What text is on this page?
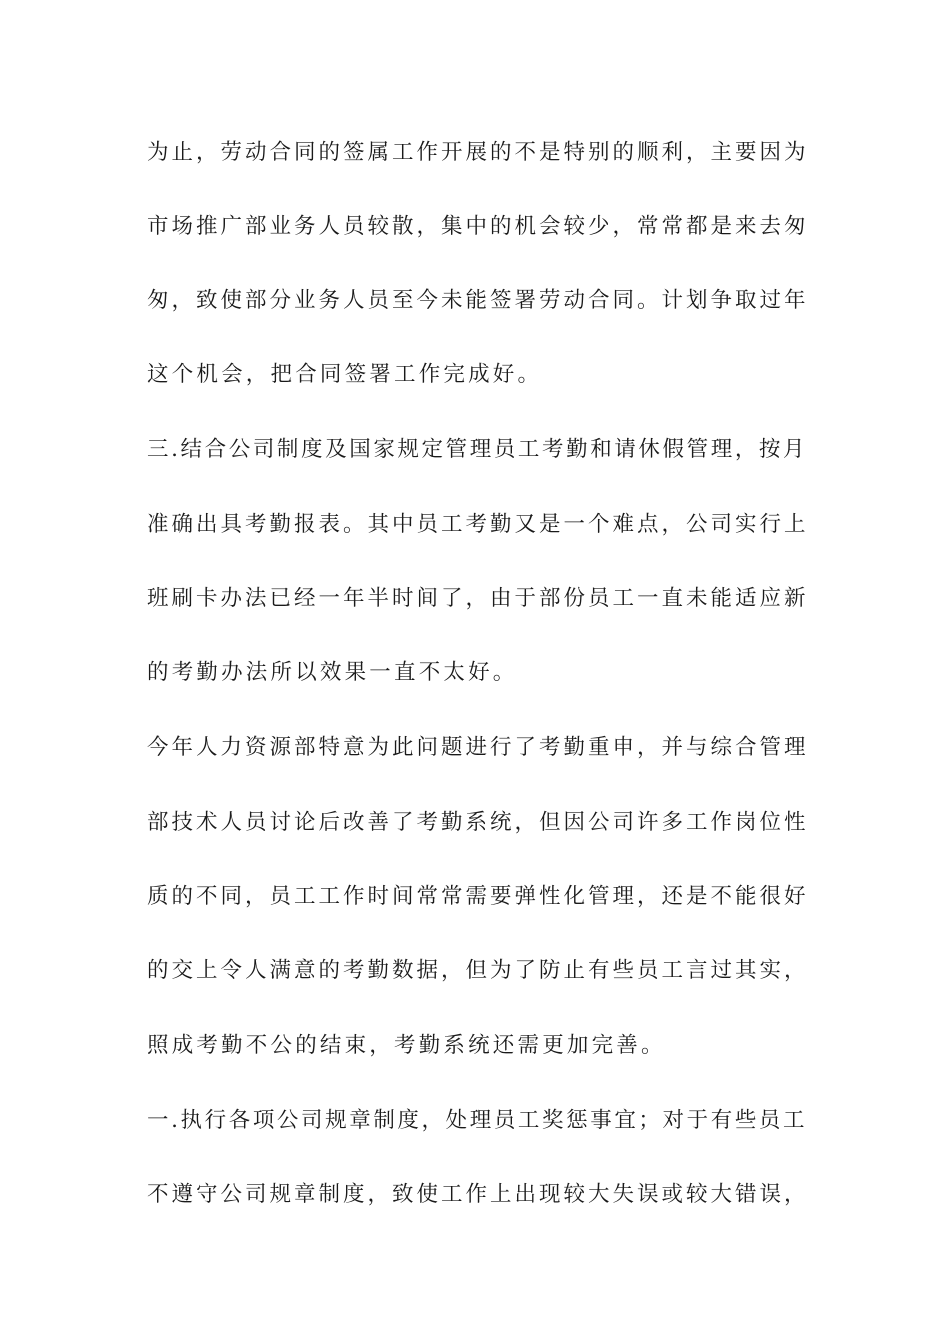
为止，劳动合同的签属工作开展的不是特别的顺利，主要因为
市场推广部业务人员较散，集中的机会较少，常常都是来去匆
匆，致使部分业务人员至今未能签署劳动合同。计划争取过年
这个机会，把合同签署工作完成好。
三.结合公司制度及国家规定管理员工考勤和请休假管理，按月
准确出具考勤报表。其中员工考勤又是一个难点，公司实行上
班刷卡办法已经一年半时间了，由于部份员工一直未能适应新
的考勤办法所以效果一直不太好。
今年人力资源部特意为此问题进行了考勤重申，并与综合管理
部技术人员讨论后改善了考勤系统，但因公司许多工作岗位性
质的不同，员工工作时间常常需要弹性化管理，还是不能很好
的交上令人满意的考勤数据，但为了防止有些员工言过其实，
照成考勤不公的结束，考勤系统还需更加完善。
一.执行各项公司规章制度，处理员工奖惩事宜；对于有些员工
不遵守公司规章制度，致使工作上出现较大失误或较大错误，
